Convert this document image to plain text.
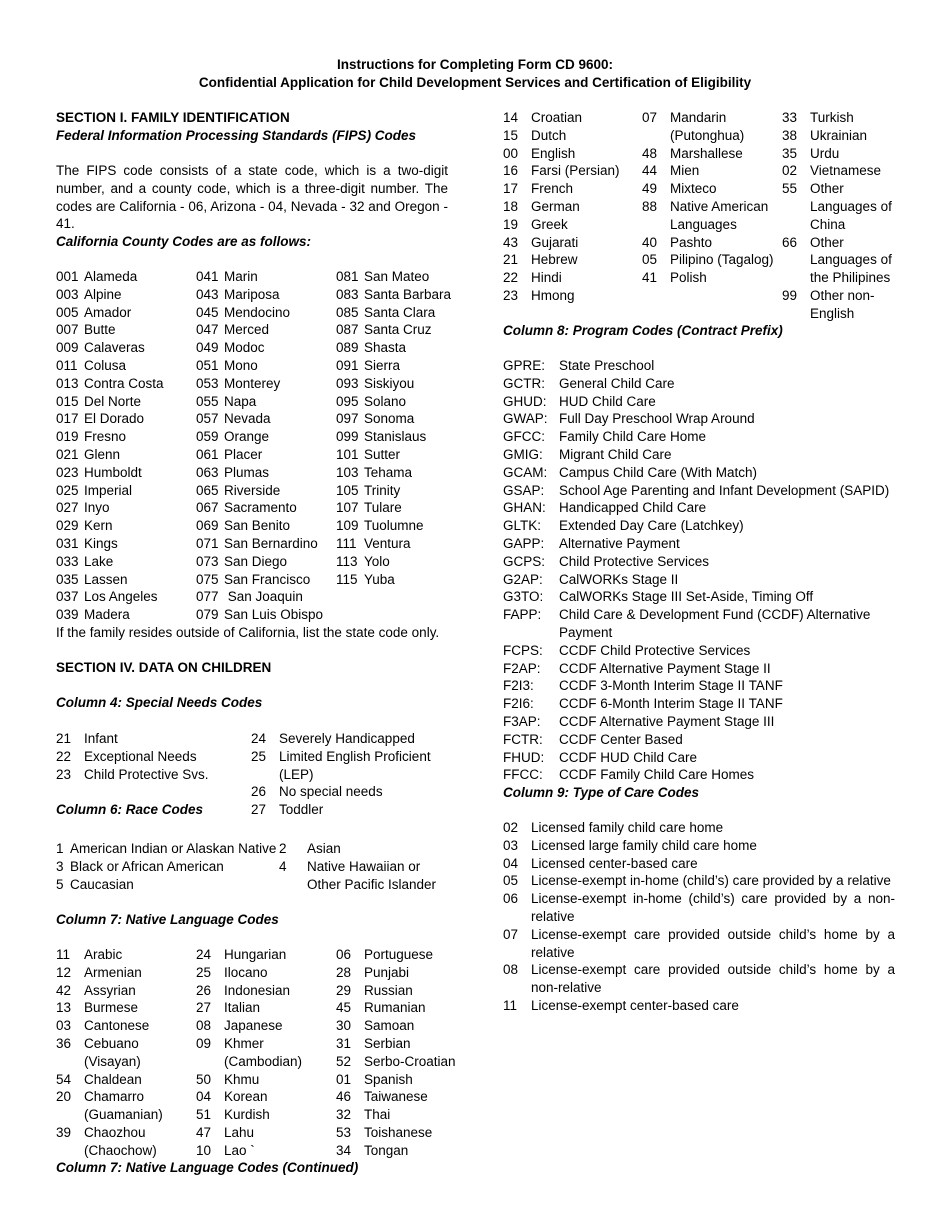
Instructions for Completing Form CD 9600:
Confidential Application for Child Development Services and Certification of Eligibility
SECTION I. FAMILY IDENTIFICATION
Federal Information Processing Standards (FIPS) Codes
The FIPS code consists of a state code, which is a two-digit number, and a county code, which is a three-digit number. The codes are California - 06, Arizona - 04, Nevada - 32 and Oregon - 41.
California County Codes are as follows:
001 Alameda
003 Alpine
005 Amador
007 Butte
009 Calaveras
011 Colusa
013 Contra Costa
015 Del Norte
017 El Dorado
019 Fresno
021 Glenn
023 Humboldt
025 Imperial
027 Inyo
029 Kern
031 Kings
033 Lake
035 Lassen
037 Los Angeles
039 Madera
041 Marin
043 Mariposa
045 Mendocino
047 Merced
049 Modoc
051 Mono
053 Monterey
055 Napa
057 Nevada
059 Orange
061 Placer
063 Plumas
065 Riverside
067 Sacramento
069 San Benito
071 San Bernardino
073 San Diego
075 San Francisco
077 San Joaquin
079 San Luis Obispo
081 San Mateo
083 Santa Barbara
085 Santa Clara
087 Santa Cruz
089 Shasta
091 Sierra
093 Siskiyou
095 Solano
097 Sonoma
099 Stanislaus
101 Sutter
103 Tehama
105 Trinity
107 Tulare
109 Tuolumne
111 Ventura
113 Yolo
115 Yuba
If the family resides outside of California, list the state code only.
SECTION IV. DATA ON CHILDREN
Column 4: Special Needs Codes
21 Infant
22 Exceptional Needs
23 Child Protective Svs.
24 Severely Handicapped
25 Limited English Proficient (LEP)
26 No special needs
27 Toddler
Column 6: Race Codes
1 American Indian or Alaskan Native
3 Black or African American
5 Caucasian
2	Asian
4	Native Hawaiian or Other Pacific Islander
Column 7: Native Language Codes
11	Arabic
12 Armenian
42 Assyrian
13 Burmese
03 Cantonese
36 Cebuano (Visayan)
54 Chaldean
20 Chamarro (Guamanian)
39 Chaozhou (Chaochow)
24 Hungarian
25 Ilocano
26 Indonesian
27 Italian
08 Japanese
09 Khmer (Cambodian)
50 Khmu
04 Korean
51 Kurdish
47 Lahu
10 Lao `
06 Portuguese
28 Punjabi
29 Russian
45 Rumanian
30 Samoan
31 Serbian
52 Serbo-Croatian
01 Spanish
46 Taiwanese
32 Thai
53 Toishanese
34 Tongan
Column 7: Native Language Codes (Continued)
14 Croatian
15 Dutch
00 English
16 Farsi (Persian)
17 French
18 German
19 Greek
43 Gujarati
21 Hebrew
22 Hindi
23 Hmong
07 Mandarin (Putonghua)
48 Marshallese
44 Mien
49 Mixteco
88 Native American Languages
40 Pashto
05 Pilipino (Tagalog)
41 Polish
33 Turkish
38 Ukrainian
35 Urdu
02 Vietnamese
55 Other Languages of China
66 Other Languages of the Philipines
99 Other non-English
Column 8: Program Codes (Contract Prefix)
GPRE:	State Preschool
GCTR:	General Child Care
GHUD: HUD Child Care
GWAP: Full Day Preschool Wrap Around
GFCC:	Family Child Care Home
GMIG:	Migrant Child Care
GCAM: Campus Child Care (With Match)
GSAP:	School Age Parenting and Infant Development (SAPID)
GHAN: Handicapped Child Care
GLTK:	Extended Day Care (Latchkey)
GAPP:	Alternative Payment
GCPS:	Child Protective Services
G2AP:	CalWORKs Stage II
G3TO:	CalWORKs Stage III Set-Aside, Timing Off
FAPP:	Child Care & Development Fund (CCDF) Alternative Payment
FCPS:	CCDF Child Protective Services
F2AP:	CCDF Alternative Payment Stage II
F2I3:	CCDF 3-Month Interim Stage II TANF
F2I6:	CCDF 6-Month Interim Stage II TANF
F3AP:	CCDF Alternative Payment Stage III
FCTR:	CCDF Center Based
FHUD:	CCDF HUD Child Care
FFCC:	CCDF Family Child Care Homes
Column 9: Type of Care Codes
02 Licensed family child care home
03 Licensed large family child care home
04 Licensed center-based care
05 License-exempt in-home (child’s) care provided by a relative
06 License-exempt in-home (child’s) care provided by a non-relative
07 License-exempt care provided outside child’s home by a relative
08 License-exempt care provided outside child’s home by a non-relative
11	License-exempt center-based care
